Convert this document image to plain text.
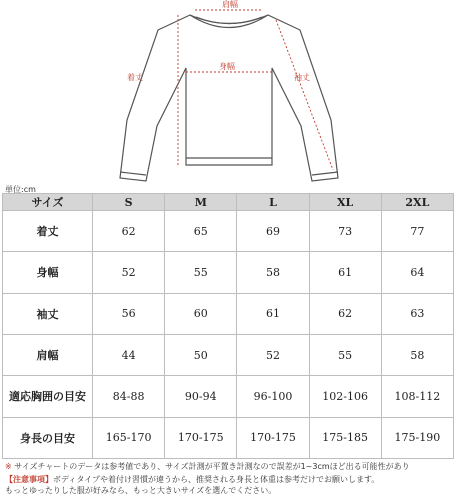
肩幅
着丈
身幅
袖丈
単位:cm
サイズ	S	M	L	XL	2XL
着丈	62	65	69	73	77
身幅	52	55	58	61	64
袖丈	56	60	61	62	63
肩幅	44	50	52	55	58
適応胸囲の目安	84-88	90-94	96-100	102-106	108-112
身長の目安	165-170	170-175	170-175	175-185	175-190
※ サイズチャートのデータは参考値であり、サイズ計測が平置き計測なので誤差が1~3cmほど出る可能性があり
【注意事項】ボディタイプや着付け習慣が違うから、推奨される身長と体重は参考だけでお願いします。
もっとゆったりした服が好みなら、もっと大きいサイズを選んでください。
